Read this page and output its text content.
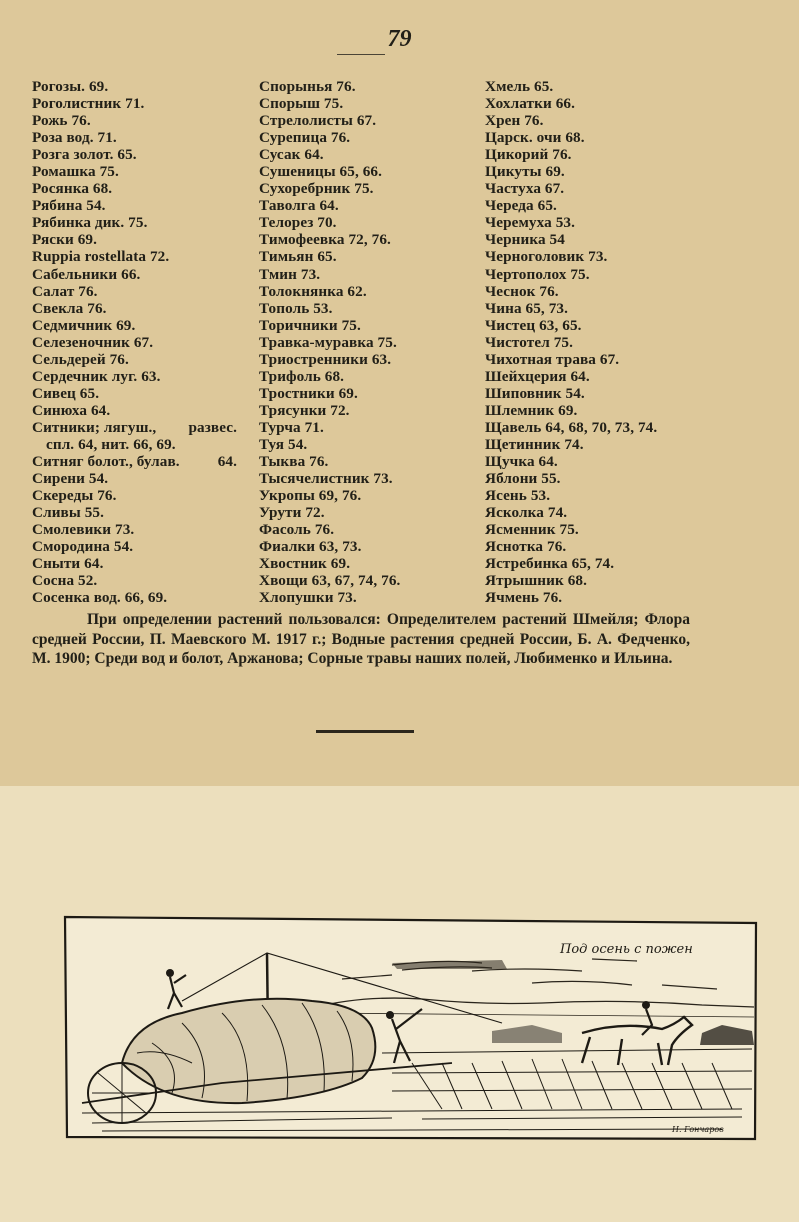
79
Рогозы. 69.
Роголистник 71.
Рожь 76.
Роза вод. 71.
Розга золот. 65.
Ромашка 75.
Росянка 68.
Рябина 54.
Рябинка дик. 75.
Ряски 69.
Ruppia rostellata 72.
Сабельники 66.
Салат 76.
Свекла 76.
Седмичник 69.
Селезеночник 67.
Сельдерей 76.
Сердечник луг. 63.
Сивец 65.
Синюха 64.
Ситники; лягуш., развес.
спл. 64, нит. 66, 69.
Ситняг болот., булав.	64.
Сирени 54.
Скереды 76.
Сливы 55.
Смолевики 73.
Смородина 54.
Сныти 64.
Сосна 52.
Сосенка вод. 66, 69.
Спорынья 76.
Спорыш 75.
Стрелолисты 67.
Сурепица 76.
Сусак 64.
Сушеницы 65, 66.
Сухоребрник 75.
Таволга 64.
Телорез 70.
Тимофеевка 72, 76.
Тимьян 65.
Тмин 73.
Толокнянка 62.
Тополь 53.
Торичники 75.
Травка-муравка 75.
Триостренники 63.
Трифоль 68.
Тростники 69.
Трясунки 72.
Турча 71.
Туя 54.
Тыква 76.
Тысячелистник 73.
Укропы 69, 76.
Урути 72.
Фасоль 76.
Фиалки 63, 73.
Хвостник 69.
Хвощи 63, 67, 74, 76.
Хлопушки 73.
Хмель 65.
Хохлатки 66.
Хрен 76.
Царск. очи 68.
Цикорий 76.
Цикуты 69.
Частуха 67.
Череда 65.
Черемуха 53.
Черника 54
Черноголовик 73.
Чертополох 75.
Чеснок 76.
Чина 65, 73.
Чистец 63, 65.
Чистотел 75.
Чихотная трава 67.
Шейхцерия 64.
Шиповник 54.
Шлемник 69.
Щавель 64, 68, 70, 73, 74.
Щетинник 74.
Щучка 64.
Яблони 55.
Ясень 53.
Ясколка 74.
Ясменник 75.
Яснотка 76.
Ястребинка 65, 74.
Ятрышник 68.
Ячмень 76.
При определении растений пользовался: Определителем растений Шмейля; Флора средней России, П. Маевского М. 1917 г.; Водные растения средней России, Б. А. Федченко, М. 1900; Среди вод и болот, Аржанова; Сорные травы наших полей, Любименко и Ильина.
Под осень с пожен
Н. Гончаров
